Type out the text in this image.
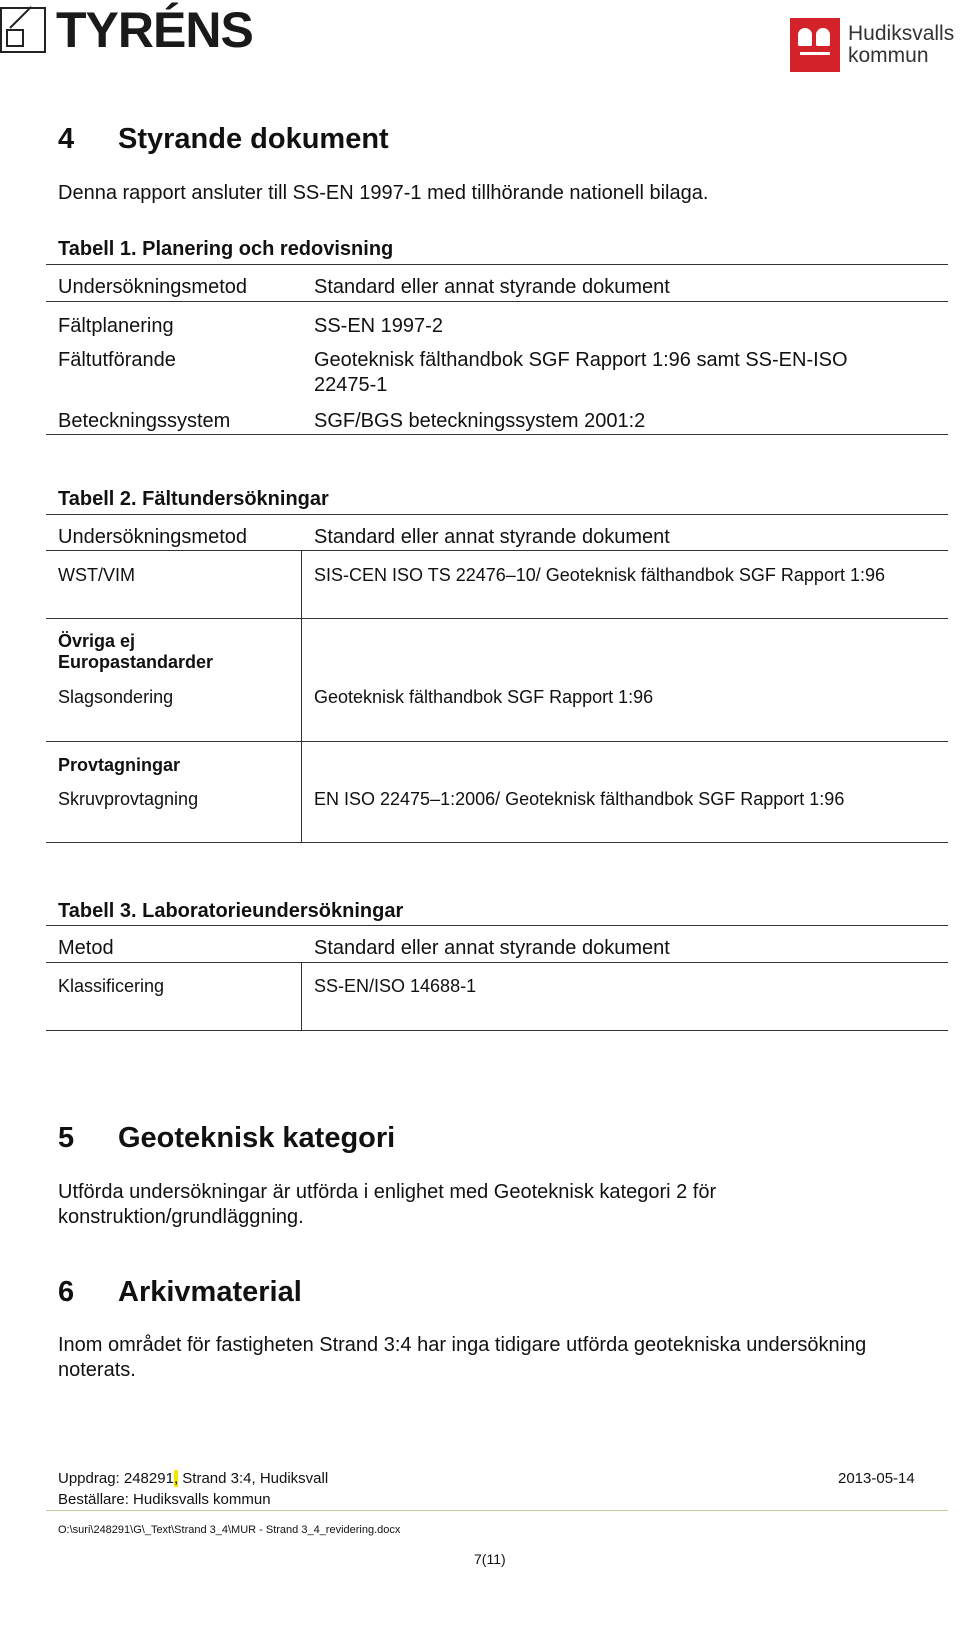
TYRÉNS	Hudiksvalls
kommun
4 Styrande dokument
Denna rapport ansluter till SS-EN 1997-1 med tillhörande nationell bilaga.
Tabell 1. Planering och redovisning
Undersökningsmetod	Standard eller annat styrande dokument
Fältplanering	SS-EN 1997-2
Fältutförande	Geoteknisk fälthandbok SGF Rapport 1:96 samt SS-EN-ISO
22475-1
Beteckningssystem	SGF/BGS beteckningssystem 2001:2
Tabell 2. Fältundersökningar
Undersökningsmetod	Standard eller annat styrande dokument
WST/VIM	SIS-CEN ISO TS 22476–10/ Geoteknisk fälthandbok SGF Rapport 1:96
Övriga ej
Europastandarder
Slagsondering	Geoteknisk fälthandbok SGF Rapport 1:96
Provtagningar
Skruvprovtagning	EN ISO 22475–1:2006/ Geoteknisk fälthandbok SGF Rapport 1:96
Tabell 3. Laboratorieundersökningar
Metod	Standard eller annat styrande dokument
Klassificering	SS-EN/ISO 14688-1
5 Geoteknisk kategori
Utförda undersökningar är utförda i enlighet med Geoteknisk kategori 2 för konstruktion/grundläggning.
6 Arkivmaterial
Inom området för fastigheten Strand 3:4 har inga tidigare utförda geotekniska undersökning noterats.
Uppdrag: 248291, Strand 3:4, Hudiksvall	2013-05-14
Beställare: Hudiksvalls kommun
O:\suri\248291\G\_Text\Strand 3_4\MUR - Strand 3_4_revidering.docx
7(11)
